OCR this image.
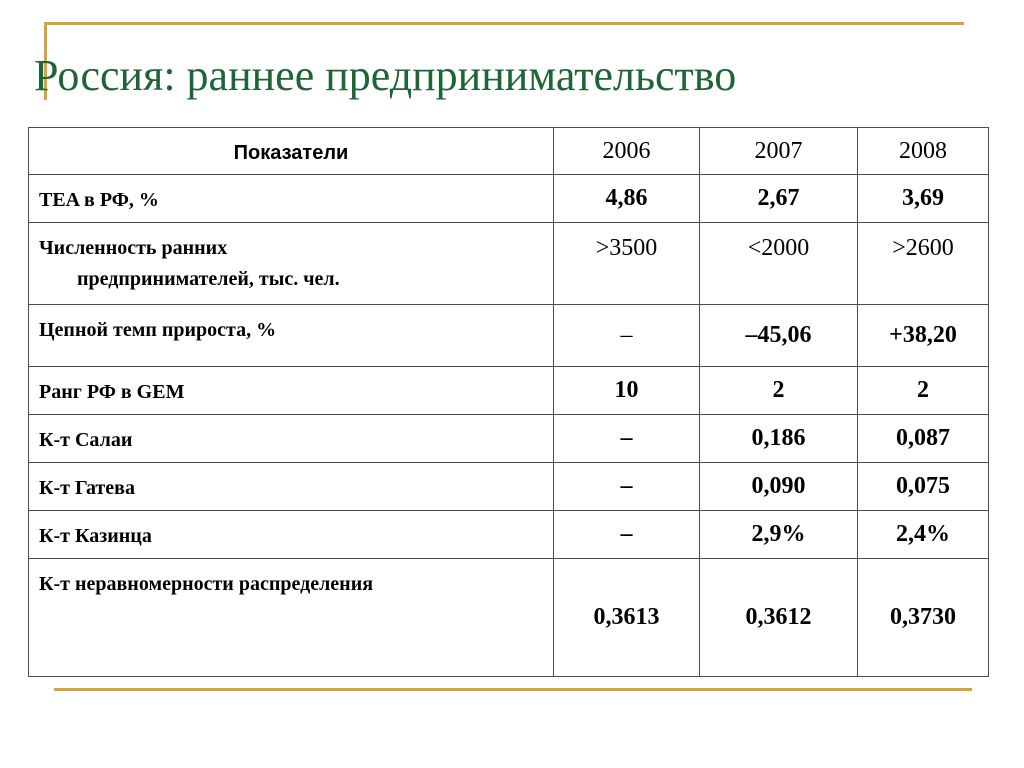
Россия: раннее предпринимательство
Показатели	2006	2007	2008
TEA в РФ, %	4,86	2,67	3,69
Численность ранних
предпринимателей, тыс. чел.	>3500	<2000	>2600
Цепной темп прироста, %	–	–45,06	+38,20
Ранг РФ в GEM	10	2	2
К-т Салаи	–	0,186	0,087
К-т Гатева	–	0,090	0,075
К-т Казинца	–	2,9%	2,4%
К-т неравномерности распределения	0,3613	0,3612	0,3730
